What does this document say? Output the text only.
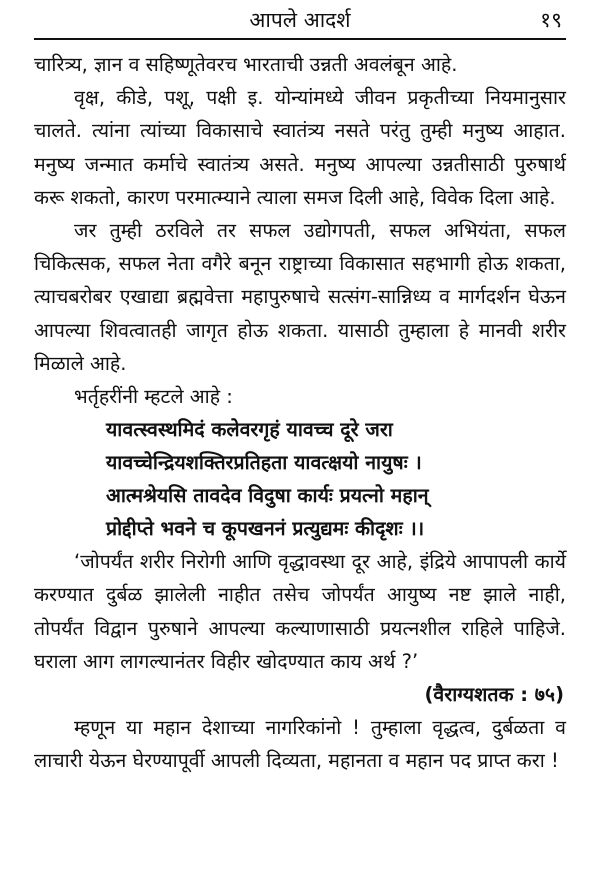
आपले आदर्श	१९

चारित्र्य, ज्ञान व सहिष्णूतेवरच भारताची उन्नती अवलंबून आहे.

वृक्ष, कीडे, पशू, पक्षी इ. योन्यांमध्ये जीवन प्रकृतीच्या नियमानुसार चालते. त्यांना त्यांच्या विकासाचे स्वातंत्र्य नसते परंतु तुम्ही मनुष्य आहात. मनुष्य जन्मात कर्माचे स्वातंत्र्य असते. मनुष्य आपल्या उन्नतीसाठी पुरुषार्थ करू शकतो, कारण परमात्म्याने त्याला समज दिली आहे, विवेक दिला आहे.

जर तुम्ही ठरविले तर सफल उद्योगपती, सफल अभियंता, सफल चिकित्सक, सफल नेता वगैरे बनून राष्ट्राच्या विकासात सहभागी होऊ शकता, त्याचबरोबर एखाद्या ब्रह्मवेत्ता महापुरुषाचे सत्संग-सान्निध्य व मार्गदर्शन घेऊन आपल्या शिवत्वातही जागृत होऊ शकता. यासाठी तुम्हाला हे मानवी शरीर मिळाले आहे.

भर्तृहरींनी म्हटले आहे :

यावत्स्वस्थमिदं कलेवरगृहं यावच्च दूरे जरा
यावच्चेन्द्रियशक्तिरप्रतिहता यावत्क्षयो नायुषः ।
आत्मश्रेयसि तावदेव विदुषा कार्यः प्रयत्नो महान्
प्रोद्दीप्ते भवने च कूपखननं प्रत्युद्यमः कीदृशः ।।

‘जोपर्यंत शरीर निरोगी आणि वृद्धावस्था दूर आहे, इंद्रिये आपापली कार्ये करण्यात दुर्बळ झालेली नाहीत तसेच जोपर्यंत आयुष्य नष्ट झाले नाही, तोपर्यंत विद्वान पुरुषाने आपल्या कल्याणासाठी प्रयत्नशील राहिले पाहिजे. घराला आग लागल्यानंतर विहीर खोदण्यात काय अर्थ ?’

(वैराग्यशतक : ७५)

म्हणून या महान देशाच्या नागरिकांनो ! तुम्हाला वृद्धत्व, दुर्बळता व लाचारी येऊन घेरण्यापूर्वी आपली दिव्यता, महानता व महान पद प्राप्त करा !
